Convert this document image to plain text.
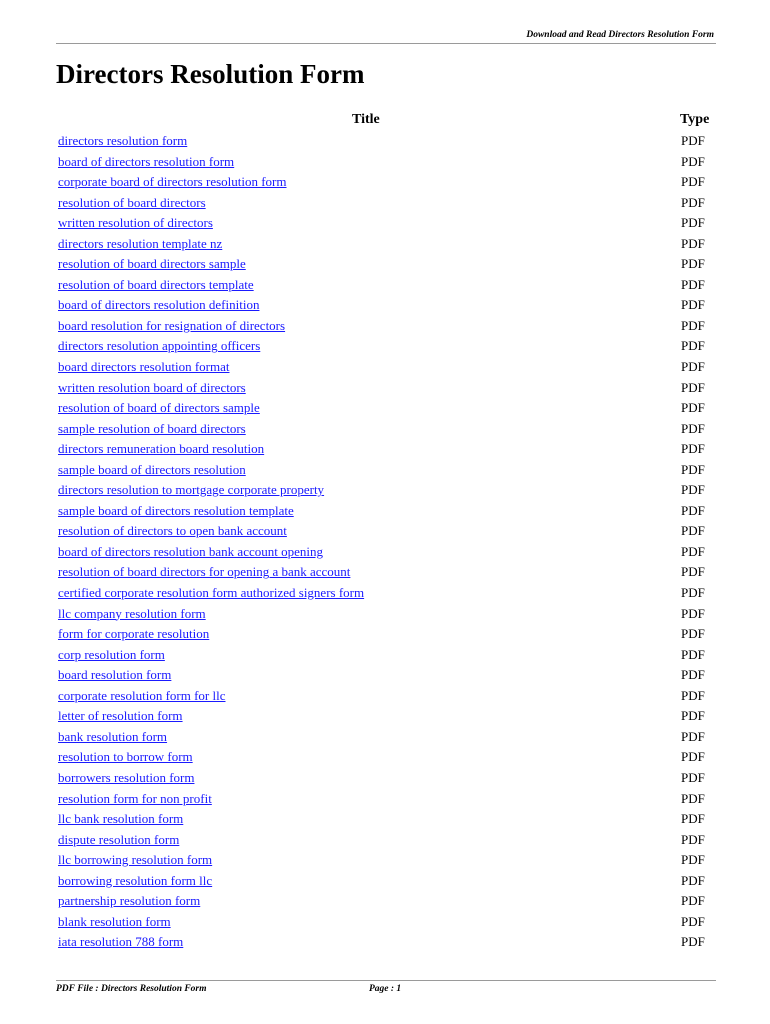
Download and Read Directors Resolution Form
Directors Resolution Form
Title	Type
directors resolution form	PDF
board of directors resolution form	PDF
corporate board of directors resolution form	PDF
resolution of board directors	PDF
written resolution of directors	PDF
directors resolution template nz	PDF
resolution of board directors sample	PDF
resolution of board directors template	PDF
board of directors resolution definition	PDF
board resolution for resignation of directors	PDF
directors resolution appointing officers	PDF
board directors resolution format	PDF
written resolution board of directors	PDF
resolution of board of directors sample	PDF
sample resolution of board directors	PDF
directors remuneration board resolution	PDF
sample board of directors resolution	PDF
directors resolution to mortgage corporate property	PDF
sample board of directors resolution template	PDF
resolution of directors to open bank account	PDF
board of directors resolution bank account opening	PDF
resolution of board directors for opening a bank account	PDF
certified corporate resolution form authorized signers form	PDF
llc company resolution form	PDF
form for corporate resolution	PDF
corp resolution form	PDF
board resolution form	PDF
corporate resolution form for llc	PDF
letter of resolution form	PDF
bank resolution form	PDF
resolution to borrow form	PDF
borrowers resolution form	PDF
resolution form for non profit	PDF
llc bank resolution form	PDF
dispute resolution form	PDF
llc borrowing resolution form	PDF
borrowing resolution form llc	PDF
partnership resolution form	PDF
blank resolution form	PDF
iata resolution 788 form	PDF
PDF File : Directors Resolution Form	Page : 1
